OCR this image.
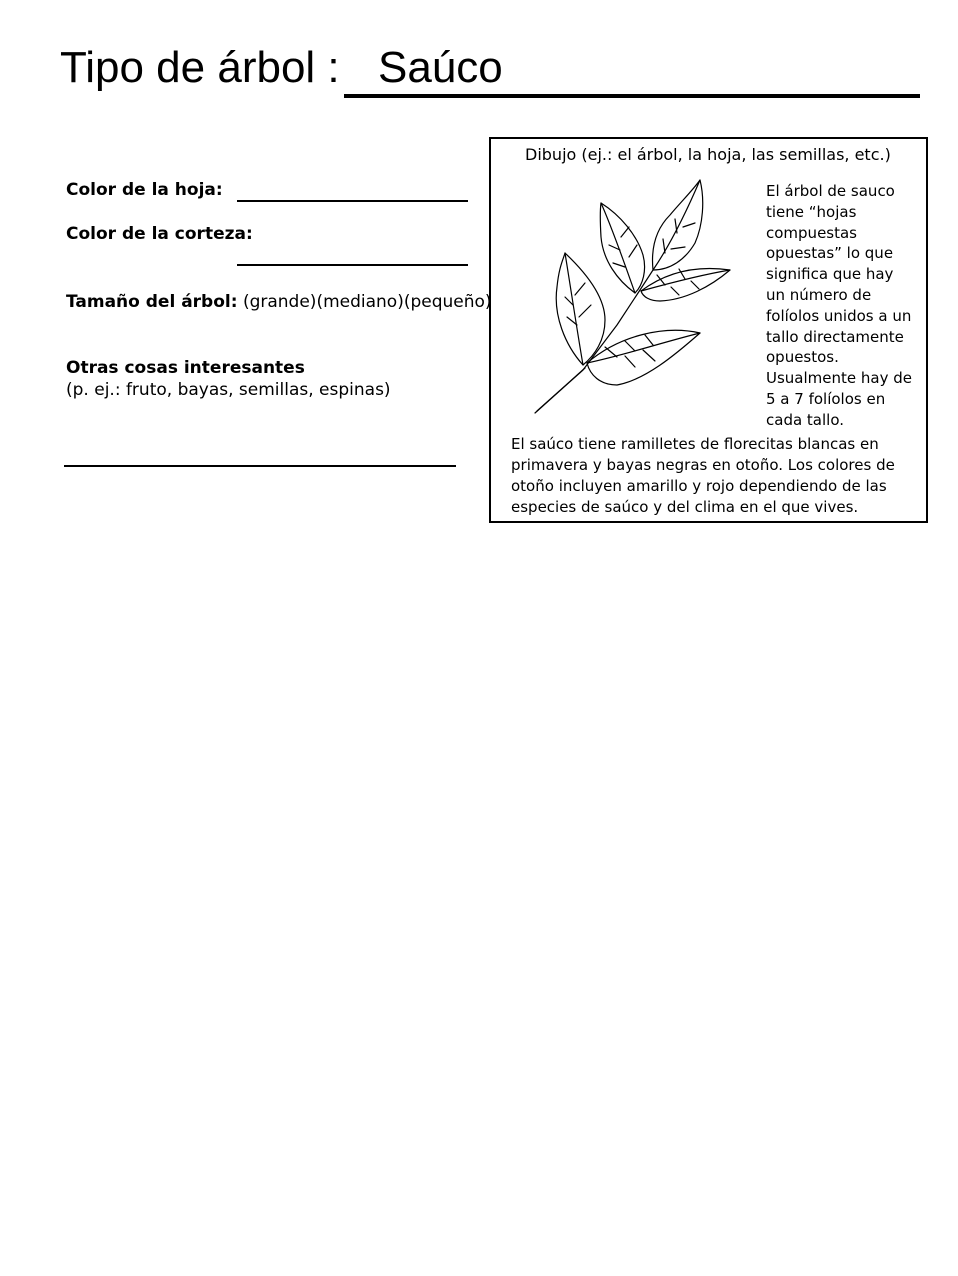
Tipo de árbol : Saúco
Color de la hoja:
Color de la corteza:
Tamaño del árbol: (grande)(mediano)(pequeño)
Otras cosas interesantes
(p. ej.: fruto, bayas, semillas, espinas)
Dibujo (ej.: el árbol, la hoja, las semillas, etc.)
El árbol de sauco
tiene “hojas
compuestas
opuestas” lo que
significa que hay
un número de
folíolos unidos a un
tallo directamente
opuestos.
Usualmente hay de
5 a 7 folíolos en
cada tallo.
El saúco tiene ramilletes de florecitas blancas en
primavera y bayas negras en otoño. Los colores de
otoño incluyen amarillo y rojo dependiendo de las
especies de saúco y del clima en el que vives.
